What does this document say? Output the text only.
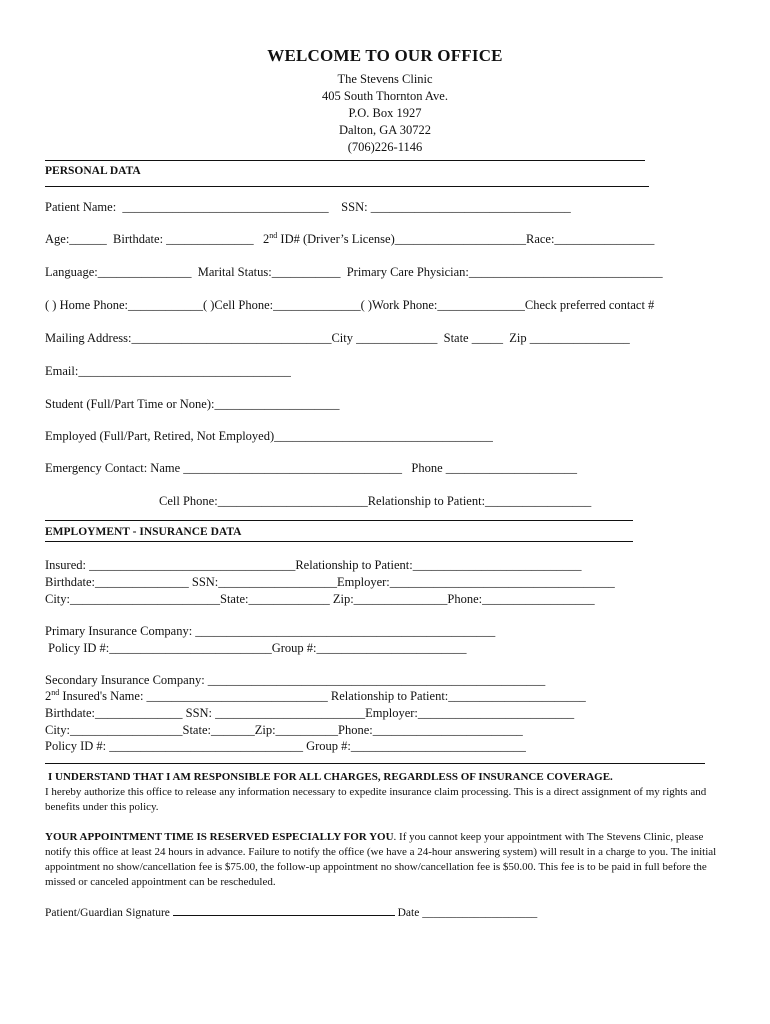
WELCOME TO OUR OFFICE
The Stevens Clinic
405 South Thornton Ave.
P.O. Box 1927
Dalton, GA 30722
(706)226-1146
PERSONAL DATA
Patient Name:  _________________________________    SSN: ________________________________
Age:______  Birthdate: ______________   2nd ID# (Driver’s License)_____________________Race:________________
Language:_______________  Marital Status:___________  Primary Care Physician:_______________________________
( ) Home Phone:____________( )Cell Phone:______________( )Work Phone:______________Check preferred contact #
Mailing Address:________________________________City _____________  State _____  Zip ________________
Email:__________________________________
Student (Full/Part Time or None):____________________
Employed (Full/Part, Retired, Not Employed)___________________________________
Emergency Contact: Name ___________________________________   Phone _____________________
Cell Phone:________________________Relationship to Patient:_________________
EMPLOYMENT - INSURANCE DATA
Insured: _________________________________Relationship to Patient:___________________________
Birthdate:_______________ SSN:___________________Employer:____________________________________
City:________________________State:_____________ Zip:_______________Phone:__________________
Primary Insurance Company: ________________________________________________
Policy ID #:__________________________Group #:________________________
Secondary Insurance Company: ______________________________________________________
2nd Insured's Name: _____________________________ Relationship to Patient:______________________
Birthdate:______________ SSN: ________________________Employer:_________________________
City:__________________State:_______Zip:__________Phone:________________________
Policy ID #: _______________________________ Group #:____________________________
I UNDERSTAND THAT I AM RESPONSIBLE FOR ALL CHARGES, REGARDLESS OF INSURANCE COVERAGE.
I hereby authorize this office to release any information necessary to expedite insurance claim processing. This is a direct assignment of my rights and benefits under this policy.
YOUR APPOINTMENT TIME IS RESERVED ESPECIALLY FOR YOU. If you cannot keep your appointment with The Stevens Clinic, please notify this office at least 24 hours in advance. Failure to notify the office (we have a 24-hour answering system) will result in a charge to you. The initial appointment no show/cancellation fee is $75.00, the follow-up appointment no show/cancellation fee is $50.00. This fee is to be paid in full before the missed or canceled appointment can be rescheduled.
Patient/Guardian Signature	Date ____________________
